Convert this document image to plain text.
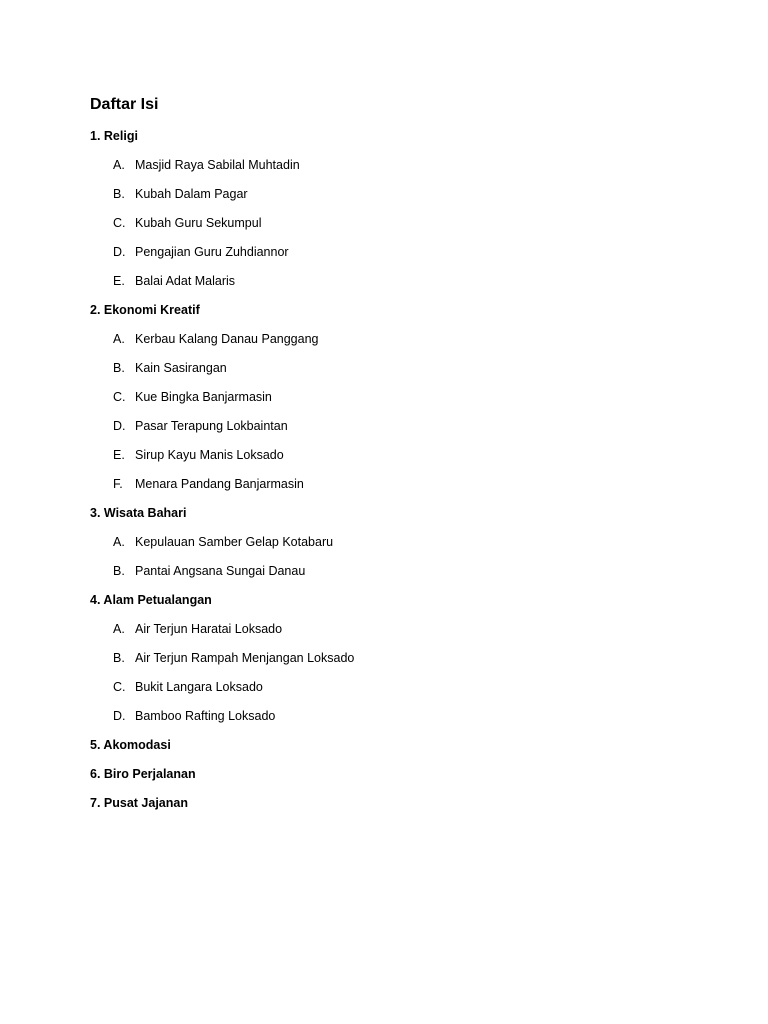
Daftar Isi
1. Religi
A. Masjid Raya Sabilal Muhtadin
B. Kubah Dalam Pagar
C. Kubah Guru Sekumpul
D. Pengajian Guru Zuhdiannor
E. Balai Adat Malaris
2. Ekonomi Kreatif
A. Kerbau Kalang Danau Panggang
B. Kain Sasirangan
C. Kue Bingka Banjarmasin
D. Pasar Terapung Lokbaintan
E. Sirup Kayu Manis Loksado
F. Menara Pandang Banjarmasin
3. Wisata Bahari
A. Kepulauan Samber Gelap Kotabaru
B. Pantai Angsana Sungai Danau
4. Alam Petualangan
A. Air Terjun Haratai Loksado
B. Air Terjun Rampah Menjangan Loksado
C. Bukit Langara Loksado
D. Bamboo Rafting Loksado
5. Akomodasi
6. Biro Perjalanan
7. Pusat Jajanan
